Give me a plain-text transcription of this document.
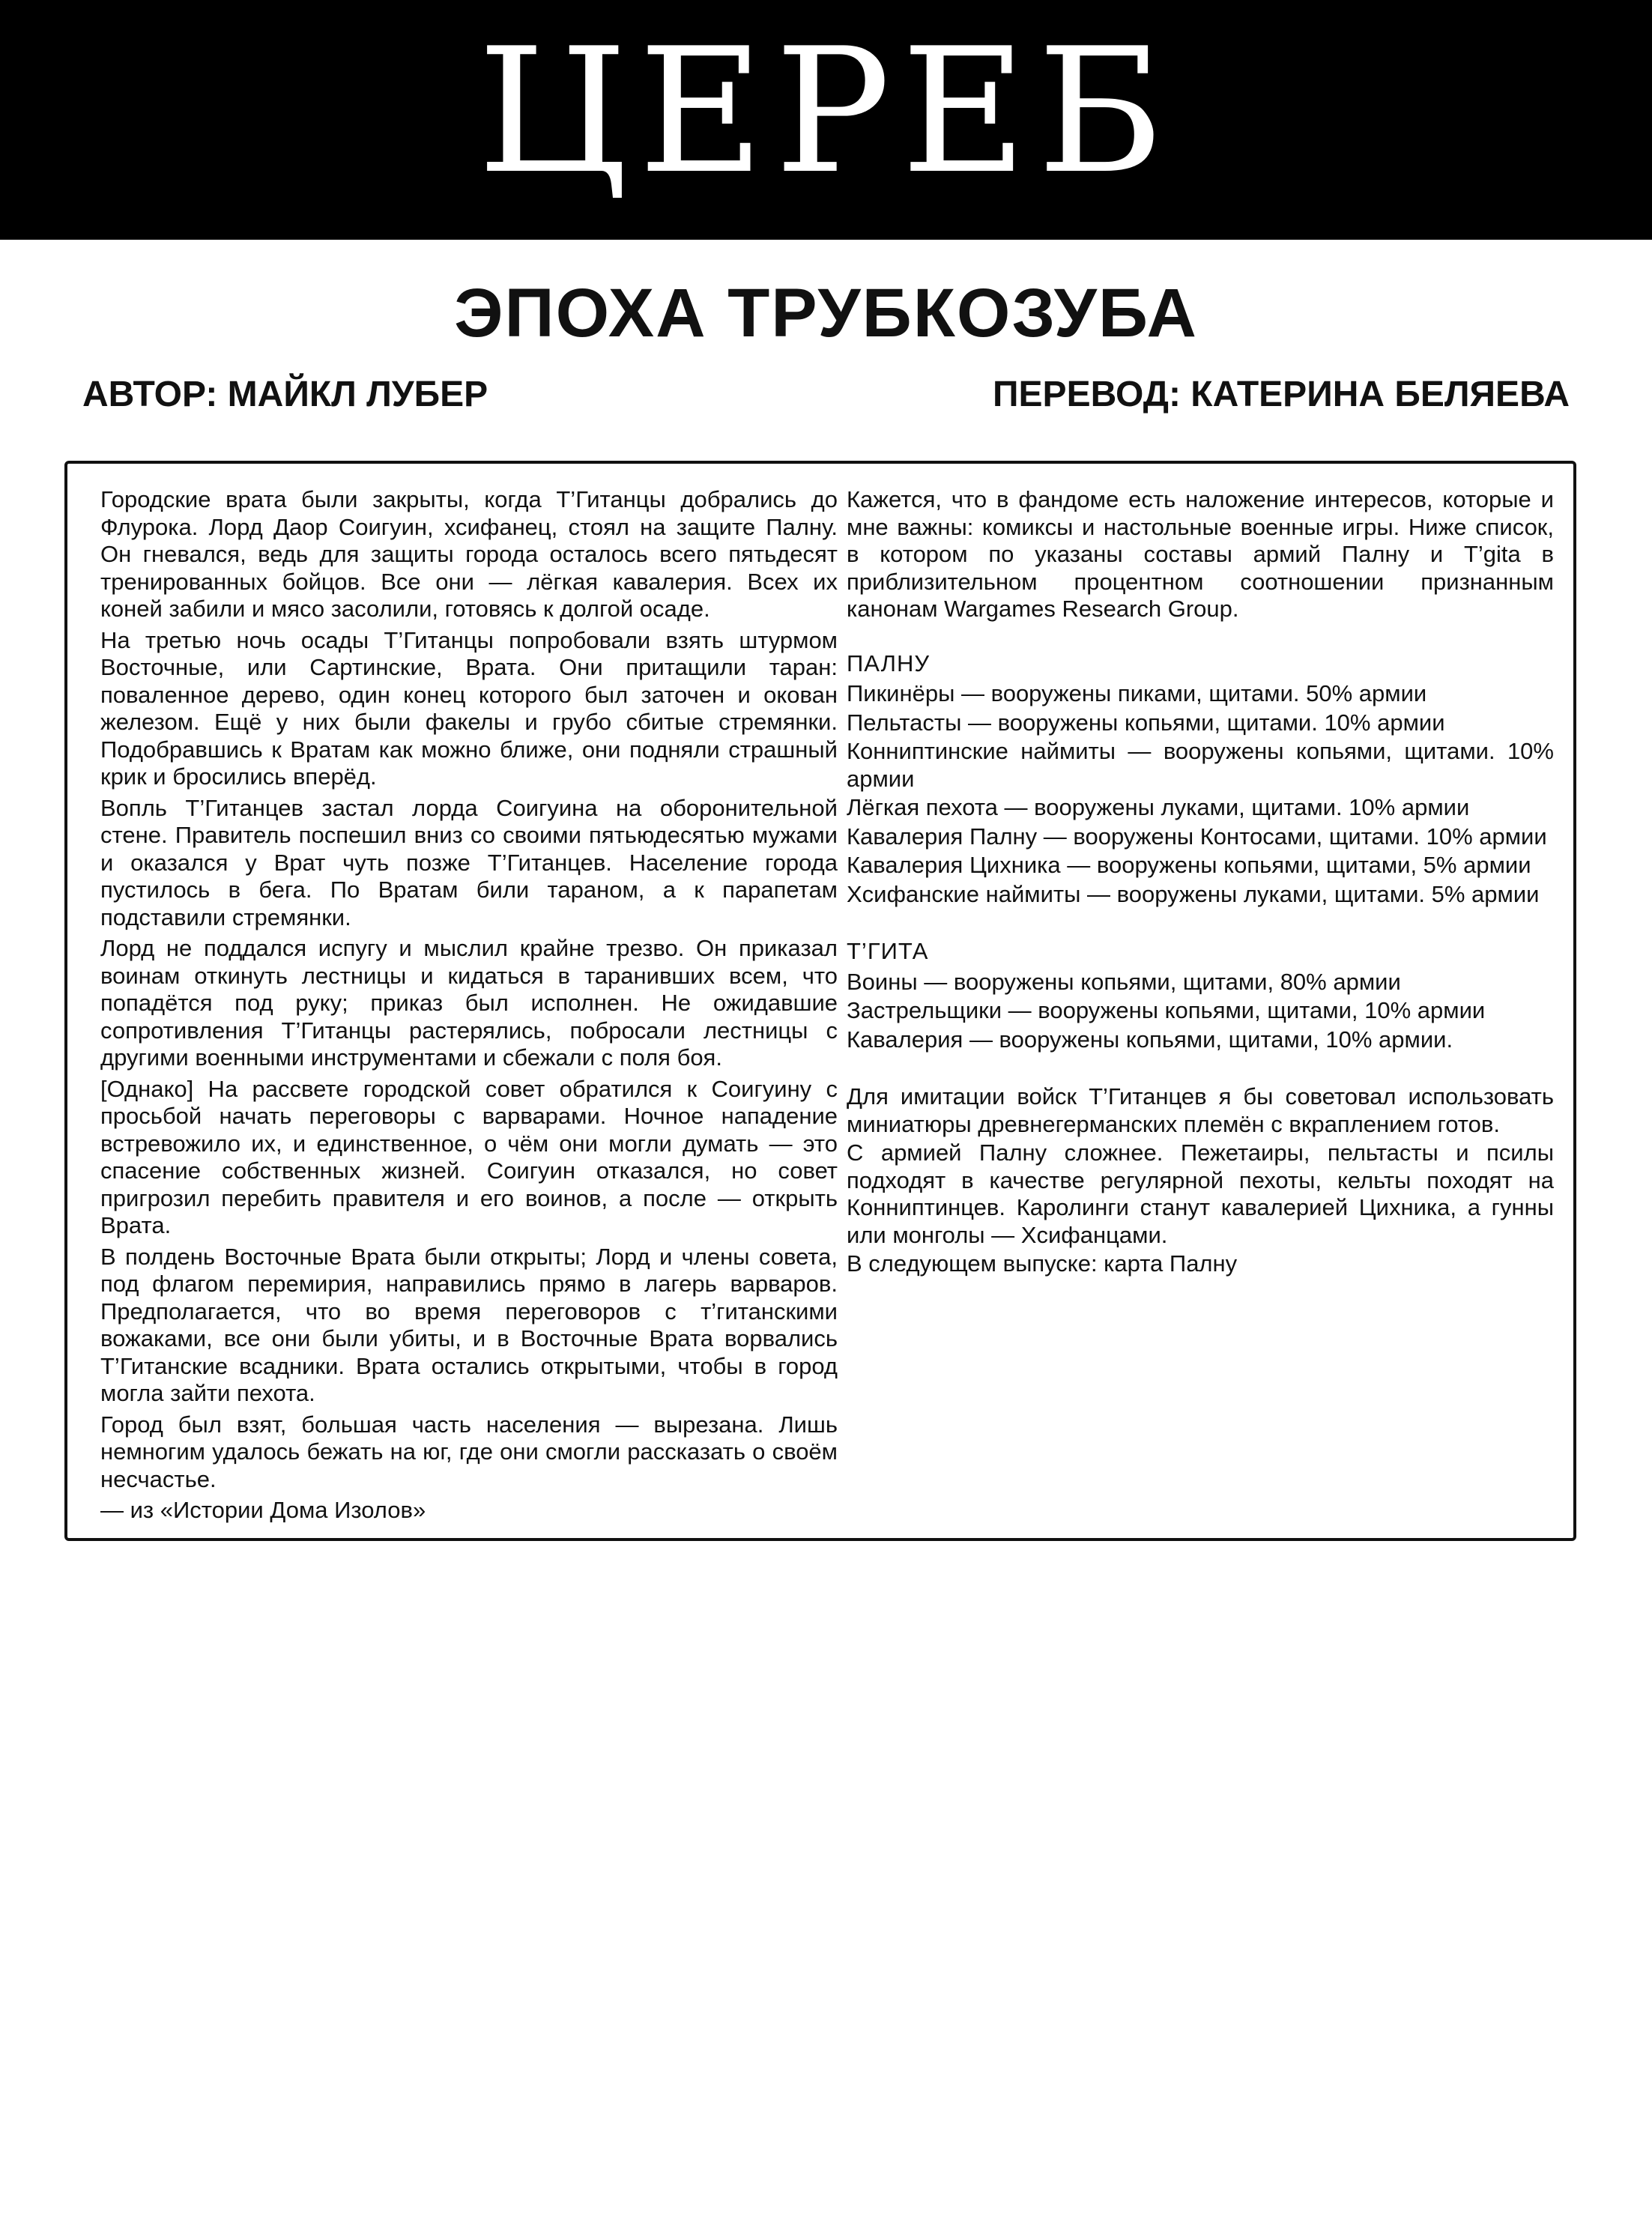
ЦЕРЕБ
ЭПОХА ТРУБКОЗУБА
АВТОР: МАЙКЛ ЛУБЕР	ПЕРЕВОД: КАТЕРИНА БЕЛЯЕВА

Городские врата были закрыты, когда Т’Гитанцы добрались до Флурока. Лорд Даор Соигуин, хсифанец, стоял на защите Палну. Он гневался, ведь для защиты города осталось всего пятьдесят тренированных бойцов. Все они — лёгкая кавалерия. Всех их коней забили и мясо засолили, готовясь к долгой осаде.

На третью ночь осады Т’Гитанцы попробовали взять штурмом Восточные, или Сартинские, Врата. Они притащили таран: поваленное дерево, один конец которого был заточен и окован железом. Ещё у них были факелы и грубо сбитые стремянки. Подобравшись к Вратам как можно ближе, они подняли страшный крик и бросились вперёд.

Вопль Т’Гитанцев застал лорда Соигуина на оборонительной стене. Правитель поспешил вниз со своими пятьюдесятью мужами и оказался у Врат чуть позже Т’Гитанцев. Население города пустилось в бега. По Вратам били тараном, а к парапетам подставили стремянки.

Лорд не поддался испугу и мыслил крайне трезво. Он приказал воинам откинуть лестницы и кидаться в таранивших всем, что попадётся под руку; приказ был исполнен. Не ожидавшие сопротивления Т’Гитанцы растерялись, побросали лестницы с другими военными инструментами и сбежали с поля боя.

[Однако] На рассвете городской совет обратился к Соигуину с просьбой начать переговоры с варварами. Ночное нападение встревожило их, и единственное, о чём они могли думать — это спасение собственных жизней. Соигуин отказался, но совет пригрозил перебить правителя и его воинов, а после — открыть Врата.

В полдень Восточные Врата были открыты; Лорд и члены совета, под флагом перемирия, направились прямо в лагерь варваров. Предполагается, что во время переговоров с т’гитанскими вожаками, все они были убиты, и в Восточные Врата ворвались Т’Гитанские всадники. Врата остались открытыми, чтобы в город могла зайти пехота.

Город был взят, большая часть населения — вырезана. Лишь немногим удалось бежать на юг, где они смогли рассказать о своём несчастье.

— из «Истории Дома Изолов»

Кажется, что в фандоме есть наложение интересов, которые и мне важны: комиксы и настольные военные игры. Ниже список, в котором по указаны составы армий Палну и T’gita в приблизительном процентном соотношении признанным канонам Wargames Research Group.

ПАЛНУ
Пикинёры — вооружены пиками, щитами. 50% армии
Пельтасты — вооружены копьями, щитами. 10% армии
Конниптинские наймиты — вооружены копьями, щитами. 10% армии
Лёгкая пехота — вооружены луками, щитами. 10% армии
Кавалерия Палну — вооружены Контосами, щитами. 10% армии
Кавалерия Цихника — вооружены копьями, щитами, 5% армии
Хсифанские наймиты — вооружены луками, щитами. 5% армии
Т’ГИТА
Воины — вооружены копьями, щитами, 80% армии
Застрельщики — вооружены копьями, щитами, 10% армии
Кавалерия — вооружены копьями, щитами, 10% армии.

Для имитации войск Т’Гитанцев я бы советовал использовать миниатюры древнегерманских племён с вкраплением готов.

С армией Палну сложнее. Пежетаиры, пельтасты и псилы подходят в качестве регулярной пехоты, кельты походят на Конниптинцев. Каролинги станут кавалерией Цихника, а гунны или монголы — Хсифанцами.

В следующем выпуске: карта Палну
